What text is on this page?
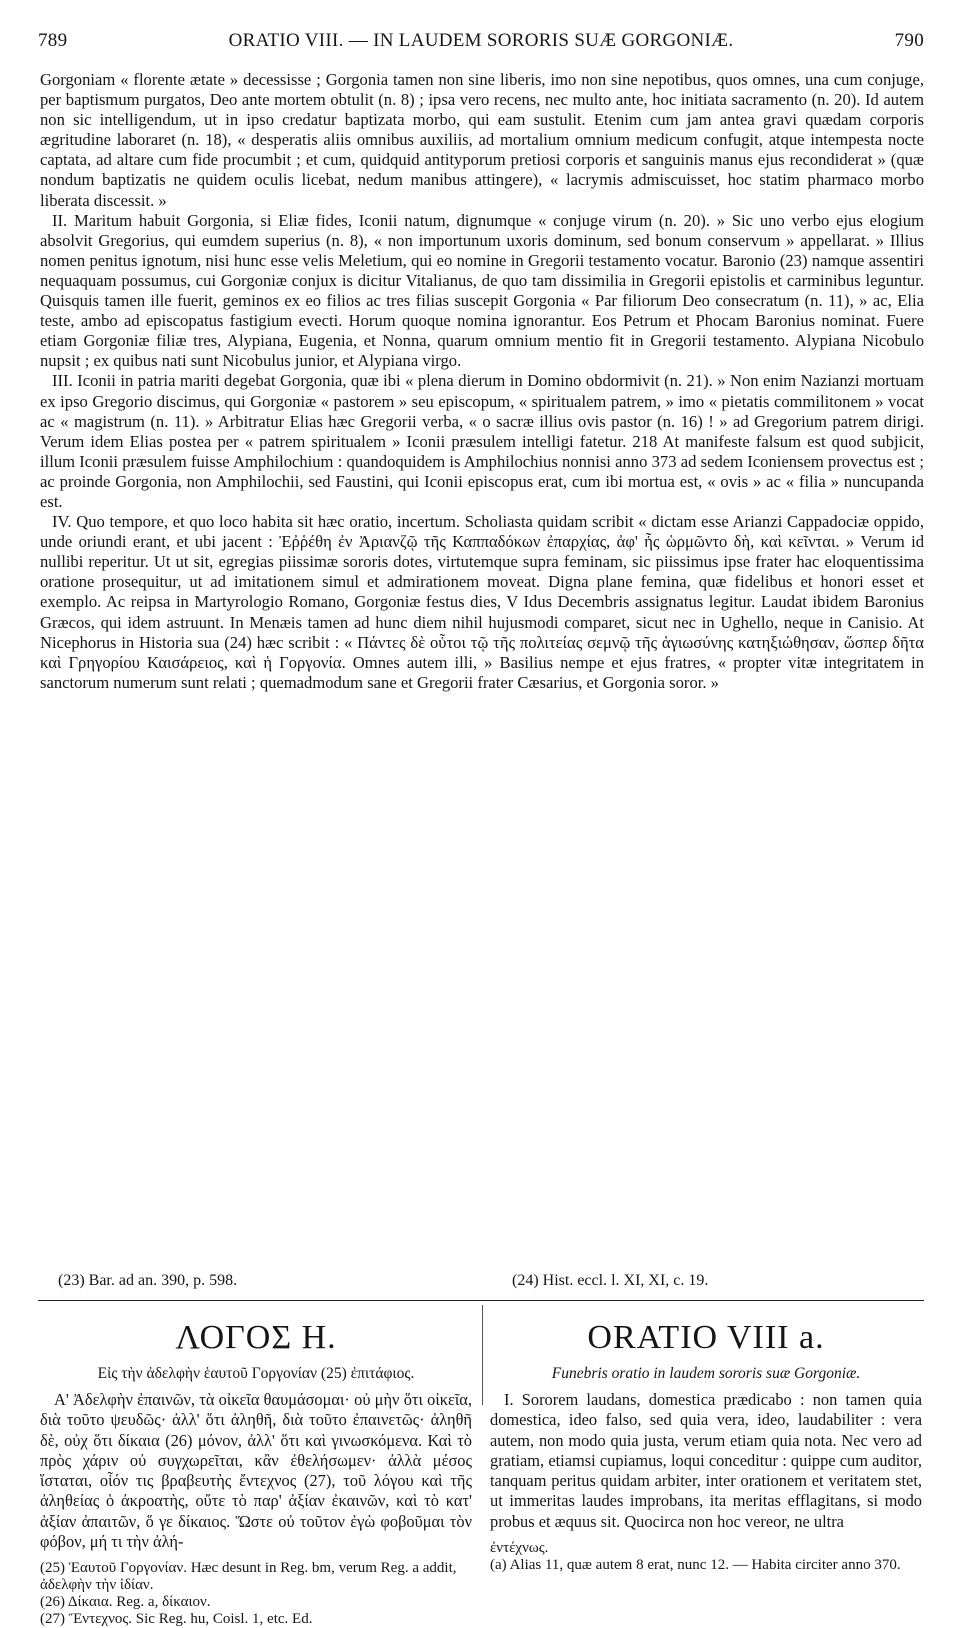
789	ORATIO VIII. — IN LAUDEM SORORIS SUÆ GORGONIÆ.	790

Gorgoniam « florente ætate » decessisse ; Gorgonia tamen non sine liberis, imo non sine nepotibus, quos omnes, una cum conjuge, per baptismum purgatos, Deo ante mortem obtulit (n. 8) ; ipsa vero recens, nec multo ante, hoc initiata sacramento (n. 20). Id autem non sic intelligendum, ut in ipso credatur baptizata morbo, qui eam sustulit. Etenim cum jam antea gravi quædam corporis ægritudine laboraret (n. 18), « desperatis aliis omnibus auxiliis, ad mortalium omnium medicum confugit, atque intempesta nocte captata, ad altare cum fide procumbit ; et cum, quidquid antityporum pretiosi corporis et sanguinis manus ejus recondiderat » (quæ nondum baptizatis ne quidem oculis licebat, nedum manibus attingere), « lacrymis admiscuisset, hoc statim pharmaco morbo liberata discessit. »

II. Maritum habuit Gorgonia, si Eliæ fides, Iconii natum, dignumque « conjuge virum (n. 20). » Sic uno verbo ejus elogium absolvit Gregorius, qui eumdem superius (n. 8), « non importunum uxoris dominum, sed bonum conservum » appellarat. » Illius nomen penitus ignotum, nisi hunc esse velis Meletium, qui eo nomine in Gregorii testamento vocatur. Baronio (23) namque assentiri nequaquam possumus, cui Gorgoniæ conjux is dicitur Vitalianus, de quo tam dissimilia in Gregorii epistolis et carminibus leguntur. Quisquis tamen ille fuerit, geminos ex eo filios ac tres filias suscepit Gorgonia « Par filiorum Deo consecratum (n. 11), » ac, Elia teste, ambo ad episcopatus fastigium evecti. Horum quoque nomina ignorantur. Eos Petrum et Phocam Baronius nominat. Fuere etiam Gorgoniæ filiæ tres, Alypiana, Eugenia, et Nonna, quarum omnium mentio fit in Gregorii testamento. Alypiana Nicobulo nupsit ; ex quibus nati sunt Nicobulus junior, et Alypiana virgo.

III. Iconii in patria mariti degebat Gorgonia, quæ ibi « plena dierum in Domino obdormivit (n. 21). » Non enim Nazianzi mortuam ex ipso Gregorio discimus, qui Gorgoniæ « pastorem » seu episcopum, « spiritualem patrem, » imo « pietatis commilitonem » vocat ac « magistrum (n. 11). » Arbitratur Elias hæc Gregorii verba, « o sacræ illius ovis pastor (n. 16) ! » ad Gregorium patrem dirigi. Verum idem Elias postea per « patrem spiritualem » Iconii præsulem intelligi fatetur. 218 At manifeste falsum est quod subjicit, illum Iconii præsulem fuisse Amphilochium : quandoquidem is Amphilochius nonnisi anno 373 ad sedem Iconiensem provectus est ; ac proinde Gorgonia, non Amphilochii, sed Faustini, qui Iconii episcopus erat, cum ibi mortua est, « ovis » ac « filia » nuncupanda est.

IV. Quo tempore, et quo loco habita sit hæc oratio, incertum. Scholiasta quidam scribit « dictam esse Arianzi Cappadociæ oppido, unde oriundi erant, et ubi jacent : Ἐῤῥέθη ἐν Ἀριανζῷ τῆς Καππαδόκων ἐπαρχίας, ἀφ' ἧς ὡρμῶντο δὴ, καὶ κεῖνται. » Verum id nullibi reperitur. Ut ut sit, egregias piissimæ sororis dotes, virtutemque supra feminam, sic piissimus ipse frater hac eloquentissima oratione prosequitur, ut ad imitationem simul et admirationem moveat. Digna plane femina, quæ fidelibus et honori esset et exemplo. Ac reipsa in Martyrologio Romano, Gorgoniæ festus dies, V Idus Decembris assignatus legitur. Laudat ibidem Baronius Græcos, qui idem astruunt. In Menæis tamen ad hunc diem nihil hujusmodi comparet, sicut nec in Ughello, neque in Canisio. At Nicephorus in Historia sua (24) hæc scribit : « Πάντες δὲ οὗτοι τῷ τῆς πολιτείας σεμνῷ τῆς ἁγιωσύνης κατηξιώθησαν, ὥσπερ δῆτα καὶ Γρηγορίου Καισάρειος, καὶ ἡ Γοργονία. Omnes autem illi, » Basilius nempe et ejus fratres, « propter vitæ integritatem in sanctorum numerum sunt relati ; quemadmodum sane et Gregorii frater Cæsarius, et Gorgonia soror. »

(23) Bar. ad an. 390, p. 598.	(24) Hist. eccl. l. XI, XI, c. 19.
ΛΟΓΟΣ Η.
Εἰς τὴν ἀδελφὴν ἑαυτοῦ Γοργονίαν (25) ἐπιτάφιος.

Α' Ἀδελφὴν ἐπαινῶν, τὰ οἰκεῖα θαυμάσομαι· οὐ μὴν ὅτι οἰκεῖα, διὰ τοῦτο ψευδῶς· ἀλλ' ὅτι ἀληθῆ, διὰ τοῦτο ἐπαινετῶς· ἀληθῆ δὲ, οὐχ ὅτι δίκαια (26) μόνον, ἀλλ' ὅτι καὶ γινωσκόμενα. Καὶ τὸ πρὸς χάριν οὐ συγχωρεῖται, κἂν ἐθελήσωμεν· ἀλλὰ μέσος ἵσταται, οἷόν τις βραβευτὴς ἔντεχνος (27), τοῦ λόγου καὶ τῆς ἀληθείας ὁ ἀκροατὴς, οὔτε τὸ παρ' ἀξίαν ἐκαινῶν, καὶ τὸ κατ' ἀξίαν ἀπαιτῶν, ὅ γε δίκαιος. Ὥστε οὐ τοῦτον ἐγὼ φοβοῦμαι τὸν φόβον, μή τι τὴν ἀλή-

(25) Ἑαυτοῦ Γοργονίαν. Hæc desunt in Reg. bm, verum Reg. a addit, ἀδελφὴν τὴν ἰδίαν.
(26) Δίκαια. Reg. a, δίκαιον.
(27) Ἔντεχνος. Sic Reg. hu, Coisl. 1, etc. Ed.
ORATIO VIII a.
Funebris oratio in laudem sororis suæ Gorgoniæ.

I. Sororem laudans, domestica prædicabo : non tamen quia domestica, ideo falso, sed quia vera, ideo, laudabiliter : vera autem, non modo quia justa, verum etiam quia nota. Nec vero ad gratiam, etiamsi cupiamus, loqui conceditur : quippe cum auditor, tanquam peritus quidam arbiter, inter orationem et veritatem stet, ut immeritas laudes improbans, ita meritas efflagitans, si modo probus et æquus sit. Quocirca non hoc vereor, ne ultra

ἐντέχνως.
(a) Alias 11, quæ autem 8 erat, nunc 12. — Habita circiter anno 370.
